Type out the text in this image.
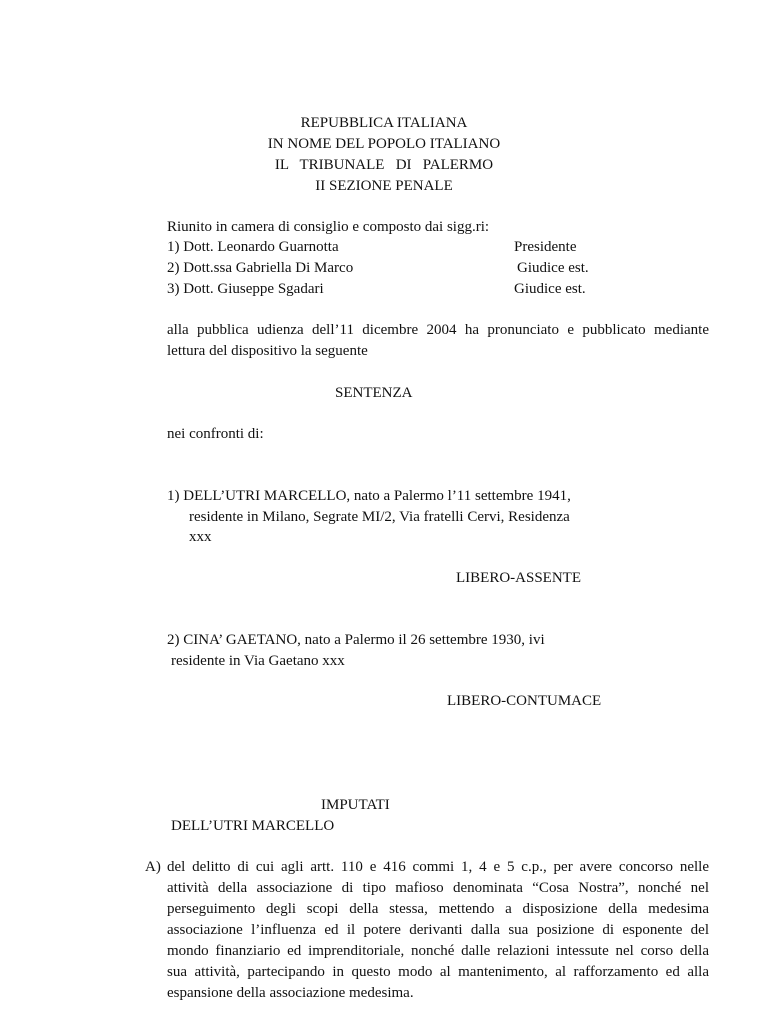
REPUBBLICA ITALIANA

IN NOME DEL POPOLO ITALIANO

IL   TRIBUNALE   DI   PALERMO

II SEZIONE PENALE

Riunito in camera di consiglio e composto dai sigg.ri:

1) Dott. Leonardo Guarnotta	Presidente

2) Dott.ssa Gabriella Di Marco	Giudice est.

3) Dott. Giuseppe Sgadari	Giudice est.

alla pubblica udienza dell’11 dicembre 2004 ha pronunciato e pubblicato mediante
lettura del dispositivo la seguente

SENTENZA

nei confronti di:

1) DELL’UTRI MARCELLO, nato a Palermo l’11 settembre 1941,

residente in Milano, Segrate MI/2, Via fratelli Cervi, Residenza

xxx

LIBERO-ASSENTE

2) CINA’ GAETANO, nato a Palermo il 26 settembre 1930, ivi

residente in Via Gaetano xxx

LIBERO-CONTUMACE

IMPUTATI

DELL’UTRI MARCELLO

A) del delitto di cui agli artt. 110 e 416 commi 1, 4 e 5 c.p., per avere concorso nelle
attività della associazione di tipo mafioso denominata “Cosa Nostra”, nonché nel
perseguimento degli scopi della stessa, mettendo a disposizione della medesima
associazione l’influenza ed il potere derivanti dalla sua posizione di esponente del
mondo finanziario ed imprenditoriale, nonché dalle relazioni intessute nel corso della
sua attività, partecipando in questo modo al mantenimento, al rafforzamento ed alla
espansione della associazione medesima.
